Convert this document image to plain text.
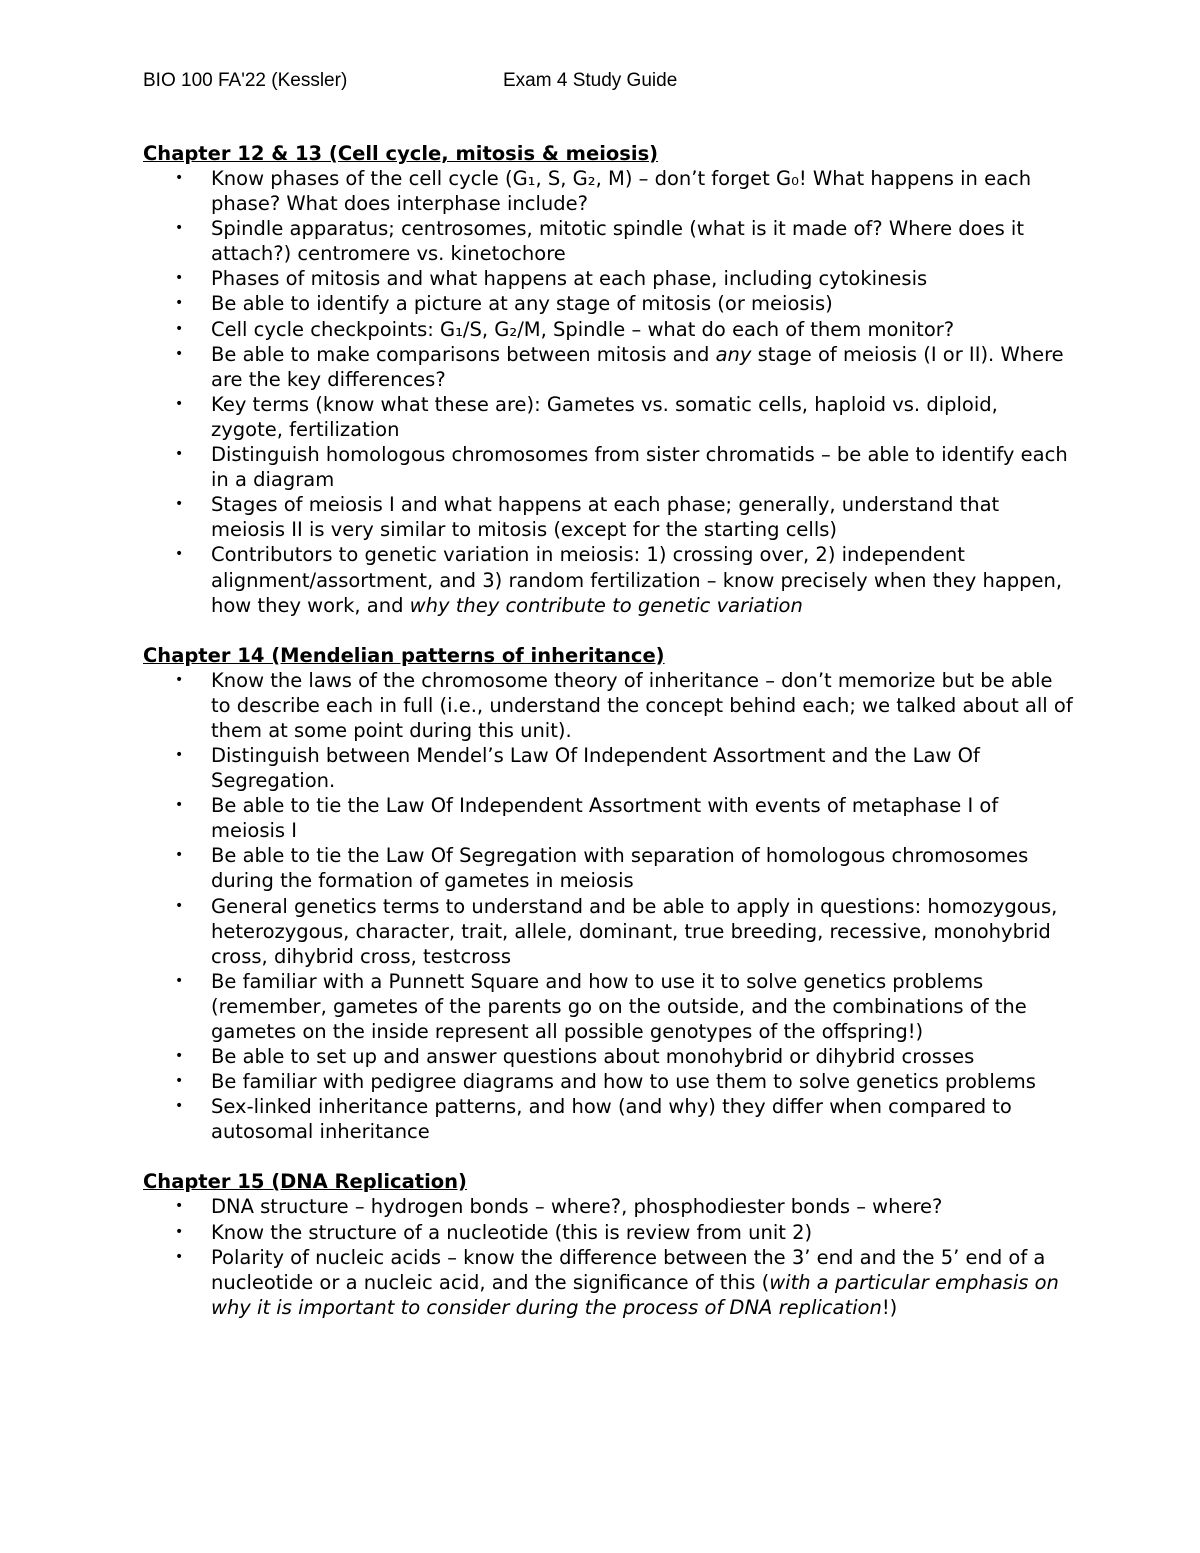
BIO 100 FA'22 (Kessler)	Exam 4 Study Guide
Chapter 12 & 13 (Cell cycle, mitosis & meiosis)
• Know phases of the cell cycle (G₁, S, G₂, M) – don’t forget G₀! What happens in each phase? What does interphase include?
• Spindle apparatus; centrosomes, mitotic spindle (what is it made of? Where does it attach?) centromere vs. kinetochore
• Phases of mitosis and what happens at each phase, including cytokinesis
• Be able to identify a picture at any stage of mitosis (or meiosis)
• Cell cycle checkpoints: G₁/S, G₂/M, Spindle – what do each of them monitor?
• Be able to make comparisons between mitosis and any stage of meiosis (I or II). Where are the key differences?
• Key terms (know what these are): Gametes vs. somatic cells, haploid vs. diploid, zygote, fertilization
• Distinguish homologous chromosomes from sister chromatids – be able to identify each in a diagram
• Stages of meiosis I and what happens at each phase; generally, understand that meiosis II is very similar to mitosis (except for the starting cells)
• Contributors to genetic variation in meiosis: 1) crossing over, 2) independent alignment/assortment, and 3) random fertilization – know precisely when they happen, how they work, and why they contribute to genetic variation
Chapter 14 (Mendelian patterns of inheritance)
• Know the laws of the chromosome theory of inheritance – don’t memorize but be able to describe each in full (i.e., understand the concept behind each; we talked about all of them at some point during this unit).
• Distinguish between Mendel’s Law Of Independent Assortment and the Law Of Segregation.
• Be able to tie the Law Of Independent Assortment with events of metaphase I of meiosis I
• Be able to tie the Law Of Segregation with separation of homologous chromosomes during the formation of gametes in meiosis
• General genetics terms to understand and be able to apply in questions: homozygous, heterozygous, character, trait, allele, dominant, true breeding, recessive, monohybrid cross, dihybrid cross, testcross
• Be familiar with a Punnett Square and how to use it to solve genetics problems (remember, gametes of the parents go on the outside, and the combinations of the gametes on the inside represent all possible genotypes of the offspring!)
• Be able to set up and answer questions about monohybrid or dihybrid crosses
• Be familiar with pedigree diagrams and how to use them to solve genetics problems
• Sex-linked inheritance patterns, and how (and why) they differ when compared to autosomal inheritance
Chapter 15 (DNA Replication)
• DNA structure – hydrogen bonds – where?, phosphodiester bonds – where?
• Know the structure of a nucleotide (this is review from unit 2)
• Polarity of nucleic acids – know the difference between the 3’ end and the 5’ end of a nucleotide or a nucleic acid, and the significance of this (with a particular emphasis on why it is important to consider during the process of DNA replication!)
